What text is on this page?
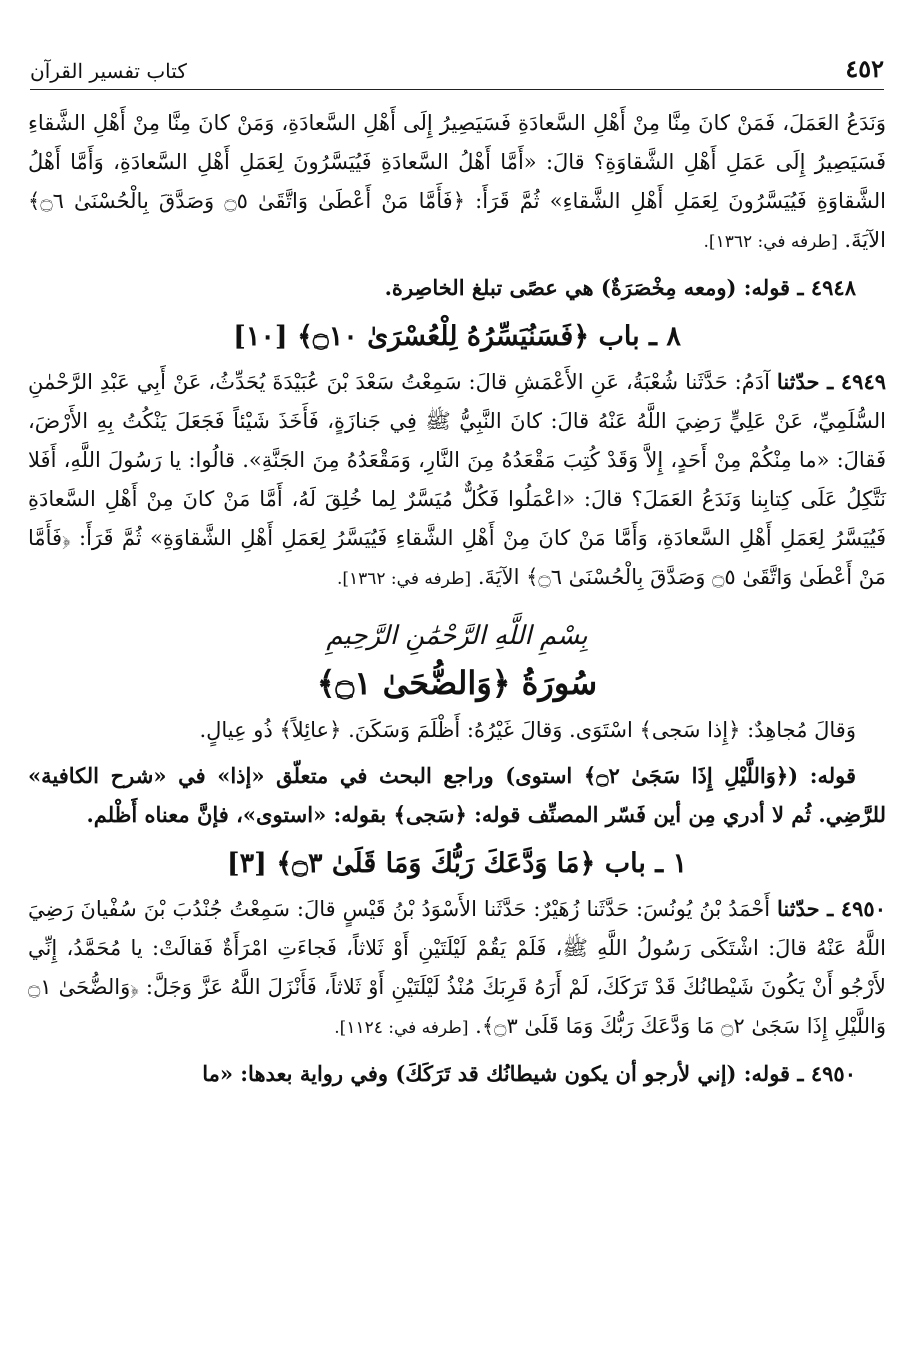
كتاب تفسير القرآن	٤٥٢

وَنَدَعُ العَمَلَ، فَمَنْ كانَ مِنَّا مِنْ أَهْلِ السَّعادَةِ فَسَيَصِيرُ إِلَى أَهْلِ السَّعادَةِ، وَمَنْ كانَ مِنَّا مِنْ أَهْلِ الشَّقاءِ فَسَيَصِيرُ إِلَى عَمَلِ أَهْلِ الشَّقاوَةِ؟ قالَ: «أَمَّا أَهْلُ السَّعادَةِ فَيُيَسَّرُونَ لِعَمَلِ أَهْلِ السَّعادَةِ، وَأَمَّا أَهْلُ الشَّقاوَةِ فَيُيَسَّرُونَ لِعَمَلِ أَهْلِ الشَّقاءِ» ثُمَّ قَرَأَ: ﴿فَأَمَّا مَنْ أَعْطَىٰ وَاتَّقَىٰ ۝٥ وَصَدَّقَ بِالْحُسْنَىٰ ۝٦﴾ الآيَةَ. [طرفه في: ١٣٦٢].

٤٩٤٨ ـ قوله: (ومعه مِخْصَرَةٌ) هي عصًى تبلغ الخاصِرة.

٨ ـ باب ﴿فَسَنُيَسِّرُهُ لِلْعُسْرَىٰ ۝١٠﴾ [١٠]

٤٩٤٩ ـ حدّثنا آدَمُ: حَدَّثَنا شُعْبَةُ، عَنِ الأَعْمَشِ قالَ: سَمِعْتُ سَعْدَ بْنَ عُبَيْدَةَ يُحَدِّثُ، عَنْ أَبِي عَبْدِ الرَّحْمٰنِ السُّلَمِيِّ، عَنْ عَلِيٍّ رَضِيَ اللَّهُ عَنْهُ قالَ: كانَ النَّبِيُّ ﷺ فِي جَنازَةٍ، فَأَخَذَ شَيْئاً فَجَعَلَ يَنْكُتُ بِهِ الأَرْضَ، فَقالَ: «ما مِنْكُمْ مِنْ أَحَدٍ، إِلاَّ وَقَدْ كُتِبَ مَقْعَدُهُ مِنَ النَّارِ، وَمَقْعَدُهُ مِنَ الجَنَّةِ». قالُوا: يا رَسُولَ اللَّهِ، أَفَلا نَتَّكِلُ عَلَى كِتابِنا وَنَدَعُ العَمَلَ؟ قالَ: «اعْمَلُوا فَكُلٌّ مُيَسَّرٌ لِما خُلِقَ لَهُ، أَمَّا مَنْ كانَ مِنْ أَهْلِ السَّعادَةِ فَيُيَسَّرُ لِعَمَلِ أَهْلِ السَّعادَةِ، وَأَمَّا مَنْ كانَ مِنْ أَهْلِ الشَّقاءِ فَيُيَسَّرُ لِعَمَلِ أَهْلِ الشَّقاوَةِ» ثُمَّ قَرَأَ: ﴿فَأَمَّا مَنْ أَعْطَىٰ وَاتَّقَىٰ ۝٥ وَصَدَّقَ بِالْحُسْنَىٰ ۝٦﴾ الآيَةَ. [طرفه في: ١٣٦٢].

بِسْمِ اللَّهِ الرَّحْمَٰنِ الرَّحِيمِ
سُورَةُ ﴿وَالضُّحَىٰ ۝١﴾

وَقالَ مُجاهِدٌ: ﴿إِذا سَجى﴾ اسْتَوَى. وَقالَ غَيْرُهُ: أَظْلَمَ وَسَكَنَ. ﴿عائِلاً﴾ ذُو عِيالٍ.

قوله: (﴿وَاللَّيْلِ إِذَا سَجَىٰ ۝٢﴾ استوى) وراجع البحث في متعلّق «إذا» في «شرح الكافية» للرَّضِي. ثُم لا أدري مِن أين فَسّر المصنِّف قوله: ﴿سَجى﴾ بقوله: «استوى»، فإنَّ معناه أَظْلم.

١ ـ باب ﴿مَا وَدَّعَكَ رَبُّكَ وَمَا قَلَىٰ ۝٣﴾ [٣]

٤٩٥٠ ـ حدّثنا أَحْمَدُ بْنُ يُونُسَ: حَدَّثَنا زُهَيْرٌ: حَدَّثَنا الأَسْوَدُ بْنُ قَيْسٍ قالَ: سَمِعْتُ جُنْدُبَ بْنَ سُفْيانَ رَضِيَ اللَّهُ عَنْهُ قالَ: اشْتَكَى رَسُولُ اللَّهِ ﷺ، فَلَمْ يَقُمْ لَيْلَتَيْنِ أَوْ ثَلاثاً، فَجاءَتِ امْرَأَةٌ فَقالَتْ: يا مُحَمَّدُ، إِنِّي لأَرْجُو أَنْ يَكُونَ شَيْطانُكَ قَدْ تَرَكَكَ، لَمْ أَرَهُ قَرِبَكَ مُنْذُ لَيْلَتَيْنِ أَوْ ثَلاثاً، فَأَنْزَلَ اللَّهُ عَزَّ وَجَلَّ: ﴿وَالضُّحَىٰ ۝١ وَاللَّيْلِ إِذَا سَجَىٰ ۝٢ مَا وَدَّعَكَ رَبُّكَ وَمَا قَلَىٰ ۝٣﴾. [طرفه في: ١١٢٤].

٤٩٥٠ ـ قوله: (إني لأرجو أن يكون شيطانُك قد تَرَكَكَ) وفي رواية بعدها: «ما
